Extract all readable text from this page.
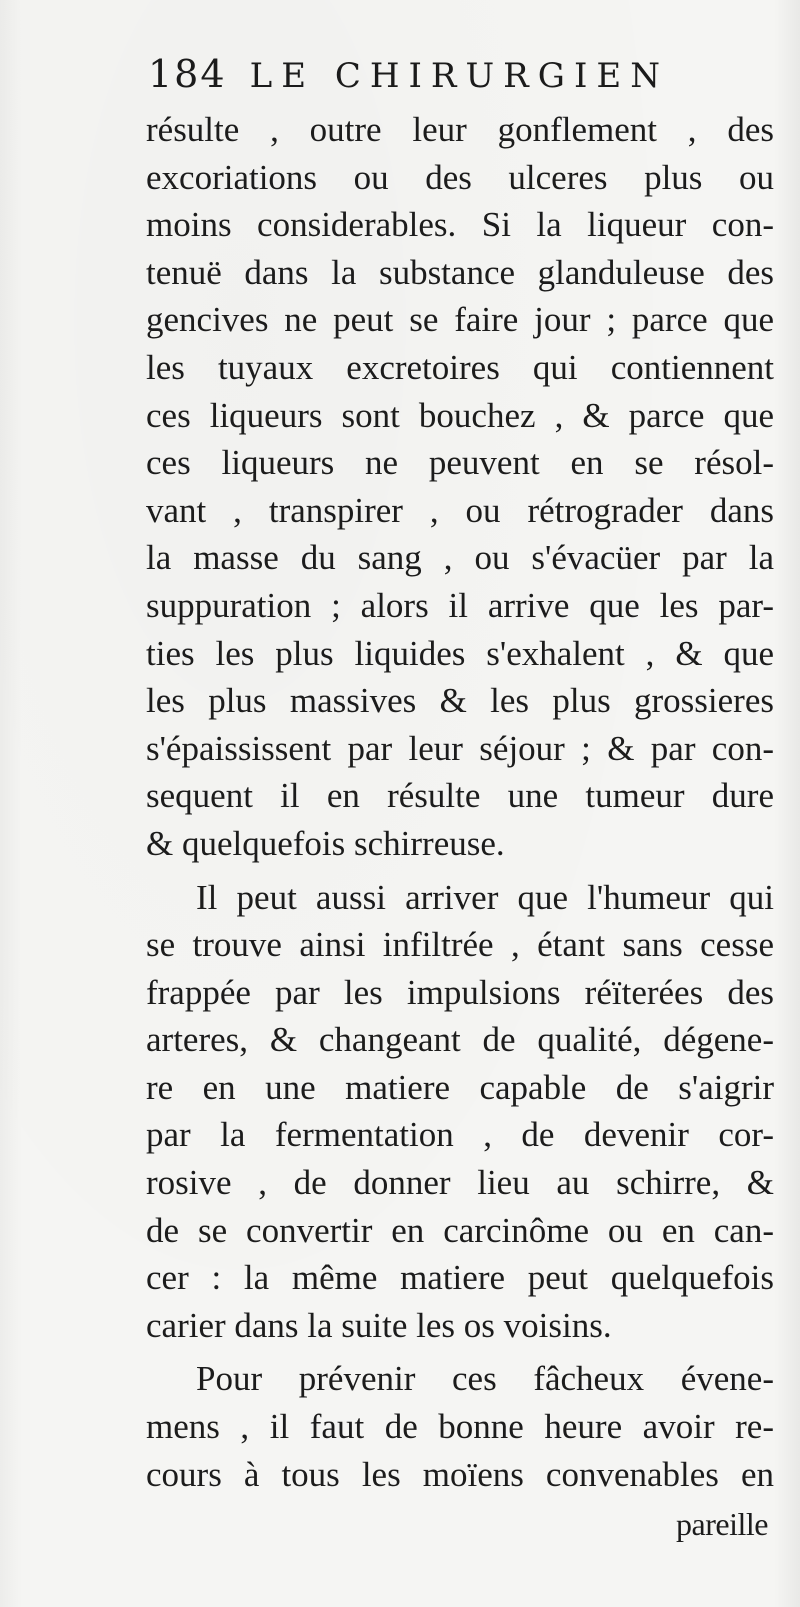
184 LE CHIRURGIEN
résulte , outre leur gonflement , des
excoriations ou des ulceres plus ou
moins considerables. Si la liqueur con-
tenuë dans la substance glanduleuse des
gencives ne peut se faire jour ; parce que
les tuyaux excretoires qui contiennent
ces liqueurs sont bouchez , & parce que
ces liqueurs ne peuvent en se résol-
vant , transpirer , ou rétrograder dans
la masse du sang , ou s'évacüer par la
suppuration ; alors il arrive que les par-
ties les plus liquides s'exhalent , & que
les plus massives & les plus grossieres
s'épaississent par leur séjour ; & par con-
sequent il en résulte une tumeur dure
& quelquefois schirreuse.
Il peut aussi arriver que l'humeur qui
se trouve ainsi infiltrée , étant sans cesse
frappée par les impulsions réïterées des
arteres, & changeant de qualité, dégene-
re en une matiere capable de s'aigrir
par la fermentation , de devenir cor-
rosive , de donner lieu au schirre, &
de se convertir en carcinôme ou en can-
cer : la même matiere peut quelquefois
carier dans la suite les os voisins.
Pour prévenir ces fâcheux évene-
mens , il faut de bonne heure avoir re-
cours à tous les moïens convenables en
pareille
